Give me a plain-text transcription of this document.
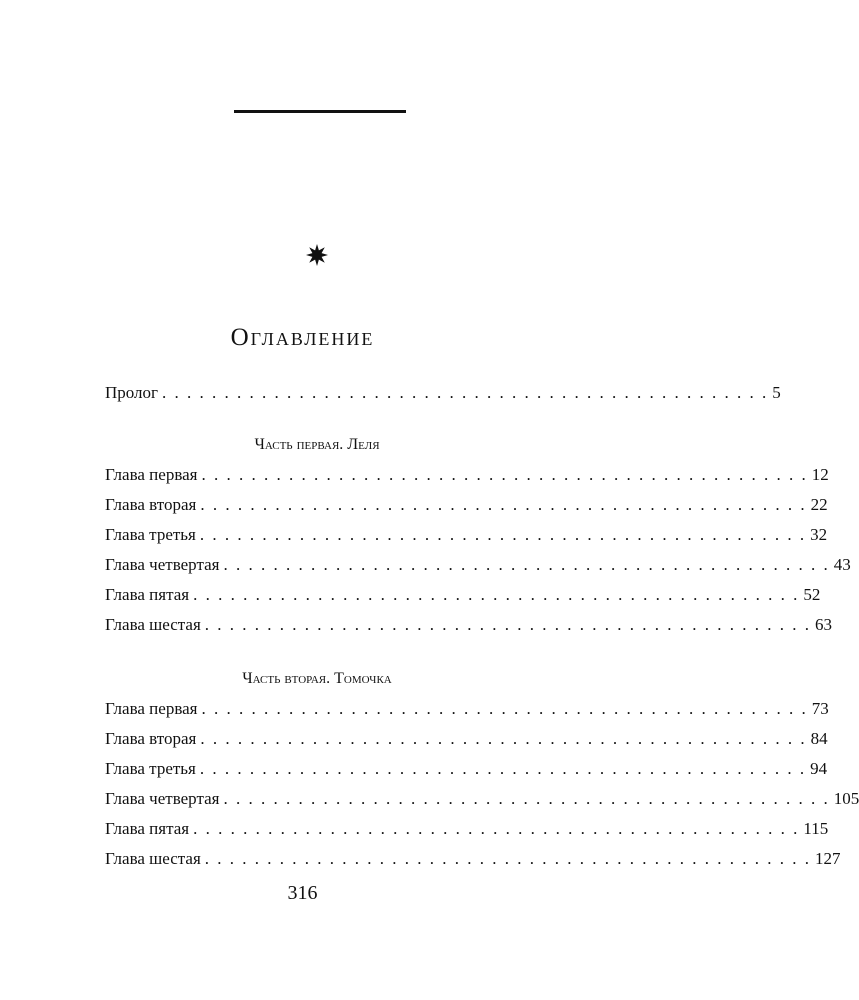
Оглавление
Пролог . . . . . . . . . . . . . . . . . . . . . . . . . . . . . . . . . . . . . . . . . . . . . . . . . 5
Часть первая. Леля
Глава первая . . . . . . . . . . . . . . . . . . . . . . . . . . . . . . . . . . . . . . . . . . . . . . . . . 12
Глава вторая . . . . . . . . . . . . . . . . . . . . . . . . . . . . . . . . . . . . . . . . . . . . . . . . . 22
Глава третья . . . . . . . . . . . . . . . . . . . . . . . . . . . . . . . . . . . . . . . . . . . . . . . . . 32
Глава четвертая . . . . . . . . . . . . . . . . . . . . . . . . . . . . . . . . . . . . . . . . . . . . . . . . . 43
Глава пятая . . . . . . . . . . . . . . . . . . . . . . . . . . . . . . . . . . . . . . . . . . . . . . . . . 52
Глава шестая . . . . . . . . . . . . . . . . . . . . . . . . . . . . . . . . . . . . . . . . . . . . . . . . . 63
Часть вторая. Томочка
Глава первая . . . . . . . . . . . . . . . . . . . . . . . . . . . . . . . . . . . . . . . . . . . . . . . . . 73
Глава вторая . . . . . . . . . . . . . . . . . . . . . . . . . . . . . . . . . . . . . . . . . . . . . . . . . 84
Глава третья . . . . . . . . . . . . . . . . . . . . . . . . . . . . . . . . . . . . . . . . . . . . . . . . . 94
Глава четвертая . . . . . . . . . . . . . . . . . . . . . . . . . . . . . . . . . . . . . . . . . . . . . . . . . 105
Глава пятая . . . . . . . . . . . . . . . . . . . . . . . . . . . . . . . . . . . . . . . . . . . . . . . . . 115
Глава шестая . . . . . . . . . . . . . . . . . . . . . . . . . . . . . . . . . . . . . . . . . . . . . . . . . 127
316
